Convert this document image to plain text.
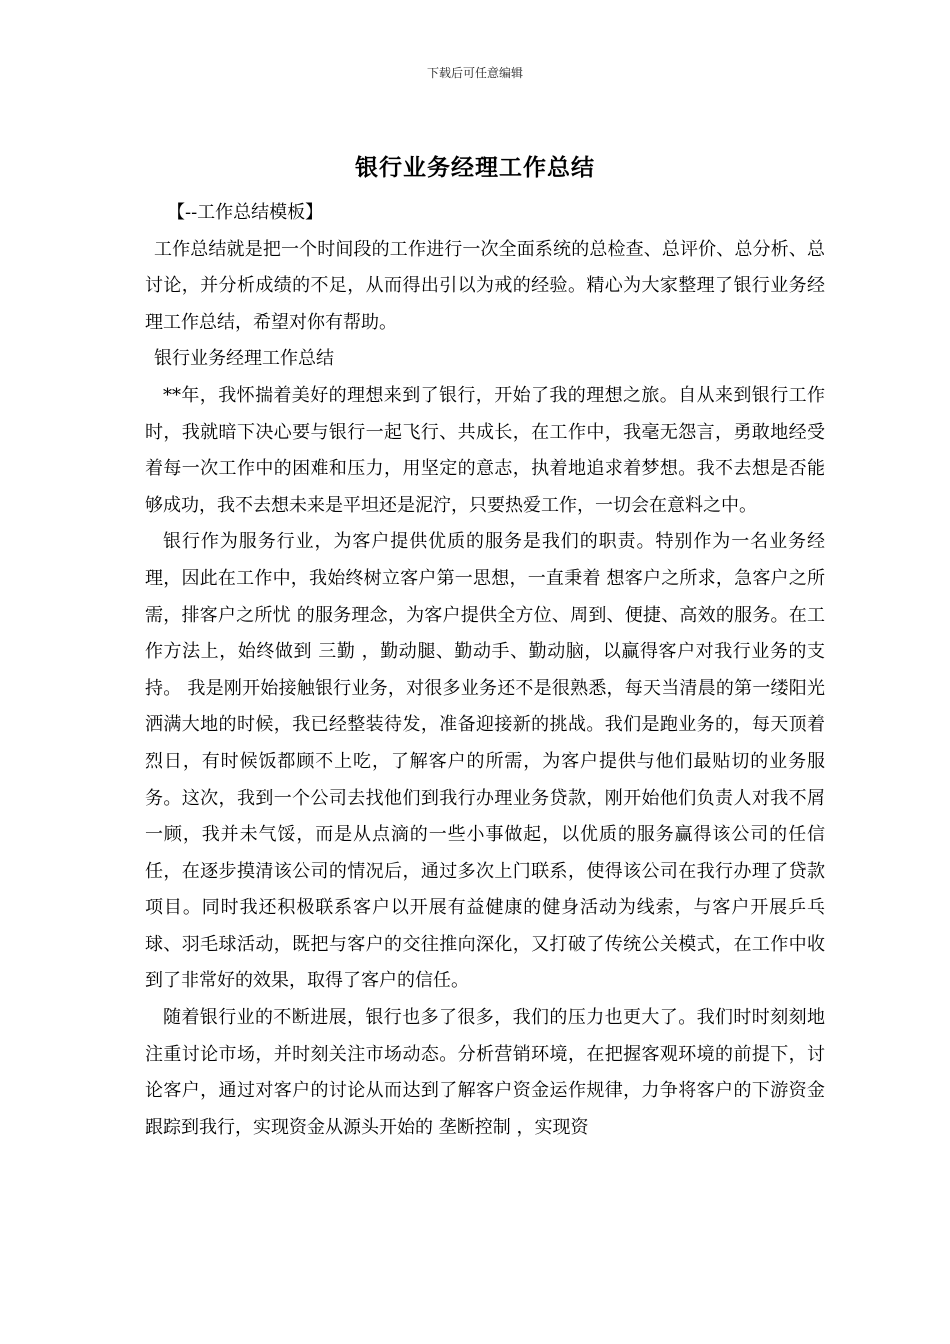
下载后可任意编辑
银行业务经理工作总结

【--工作总结模板】

工作总结就是把一个时间段的工作进行一次全面系统的总检查、总评价、总分析、总讨论，并分析成绩的不足，从而得出引以为戒的经验。精心为大家整理了银行业务经理工作总结，希望对你有帮助。

银行业务经理工作总结

**年，我怀揣着美好的理想来到了银行，开始了我的理想之旅。自从来到银行工作时，我就暗下决心要与银行一起飞行、共成长，在工作中，我毫无怨言，勇敢地经受着每一次工作中的困难和压力，用坚定的意志，执着地追求着梦想。我不去想是否能够成功，我不去想未来是平坦还是泥泞，只要热爱工作，一切会在意料之中。

银行作为服务行业，为客户提供优质的服务是我们的职责。特别作为一名业务经理，因此在工作中，我始终树立客户第一思想，一直秉着 想客户之所求，急客户之所需，排客户之所忧 的服务理念，为客户提供全方位、周到、便捷、高效的服务。在工作方法上，始终做到 三勤 ，勤动腿、勤动手、勤动脑，以赢得客户对我行业务的支持。 我是刚开始接触银行业务，对很多业务还不是很熟悉，每天当清晨的第一缕阳光洒满大地的时候，我已经整装待发，准备迎接新的挑战。我们是跑业务的，每天顶着烈日，有时候饭都顾不上吃，了解客户的所需，为客户提供与他们最贴切的业务服务。这次，我到一个公司去找他们到我行办理业务贷款，刚开始他们负责人对我不屑一顾，我并未气馁，而是从点滴的一些小事做起，以优质的服务赢得该公司的任信任，在逐步摸清该公司的情况后，通过多次上门联系，使得该公司在我行办理了贷款项目。同时我还积极联系客户以开展有益健康的健身活动为线索，与客户开展乒乓球、羽毛球活动，既把与客户的交往推向深化，又打破了传统公关模式，在工作中收到了非常好的效果，取得了客户的信任。

随着银行业的不断进展，银行也多了很多，我们的压力也更大了。我们时时刻刻地注重讨论市场，并时刻关注市场动态。分析营销环境，在把握客观环境的前提下，讨论客户，通过对客户的讨论从而达到了解客户资金运作规律，力争将客户的下游资金跟踪到我行，实现资金从源头开始的 垄断控制 ，实现资
